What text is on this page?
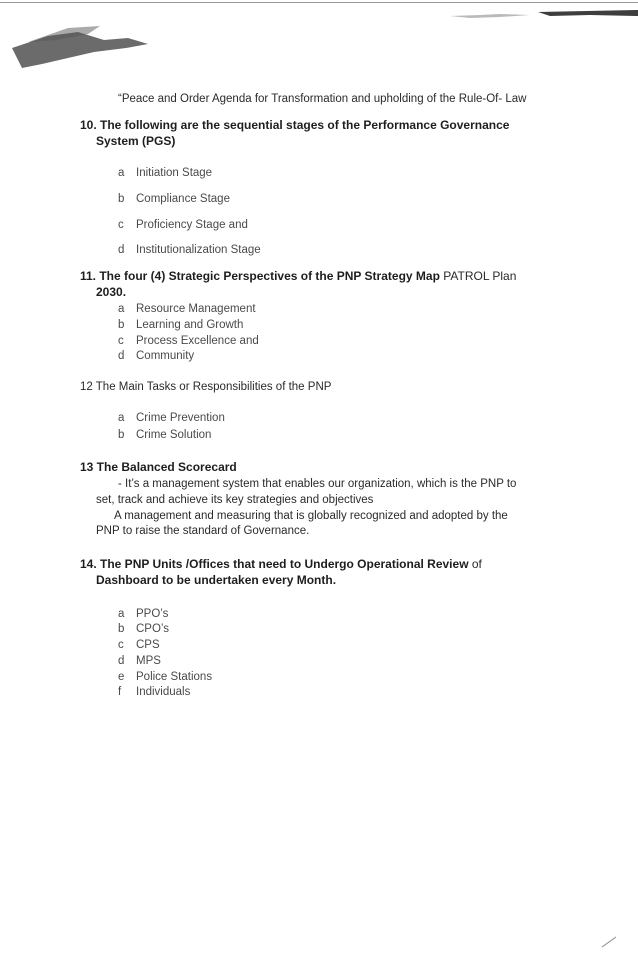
“Peace and Order Agenda for Transformation and upholding of the Rule-Of- Law
10. The following are the sequential stages of the Performance Governance
System (PGS)
a Initiation Stage
b Compliance Stage
c Proficiency Stage and
d Institutionalization Stage
11. The four (4) Strategic Perspectives of the PNP Strategy Map PATROL Plan
2030.
a Resource Management
b Learning and Growth
c Process Excellence and
d Community
12 The Main Tasks or Responsibilities of the PNP
a Crime Prevention
b Crime Solution
13 The Balanced Scorecard
- It’s a management system that enables our organization, which is the PNP to
set, track and achieve its key strategies and objectives
A management and measuring that is globally recognized and adopted by the
PNP to raise the standard of Governance.
14. The PNP Units /Offices that need to Undergo Operational Review of
Dashboard to be undertaken every Month.
a PPO’s
b CPO’s
c CPS
d MPS
e Police Stations
f Individuals
